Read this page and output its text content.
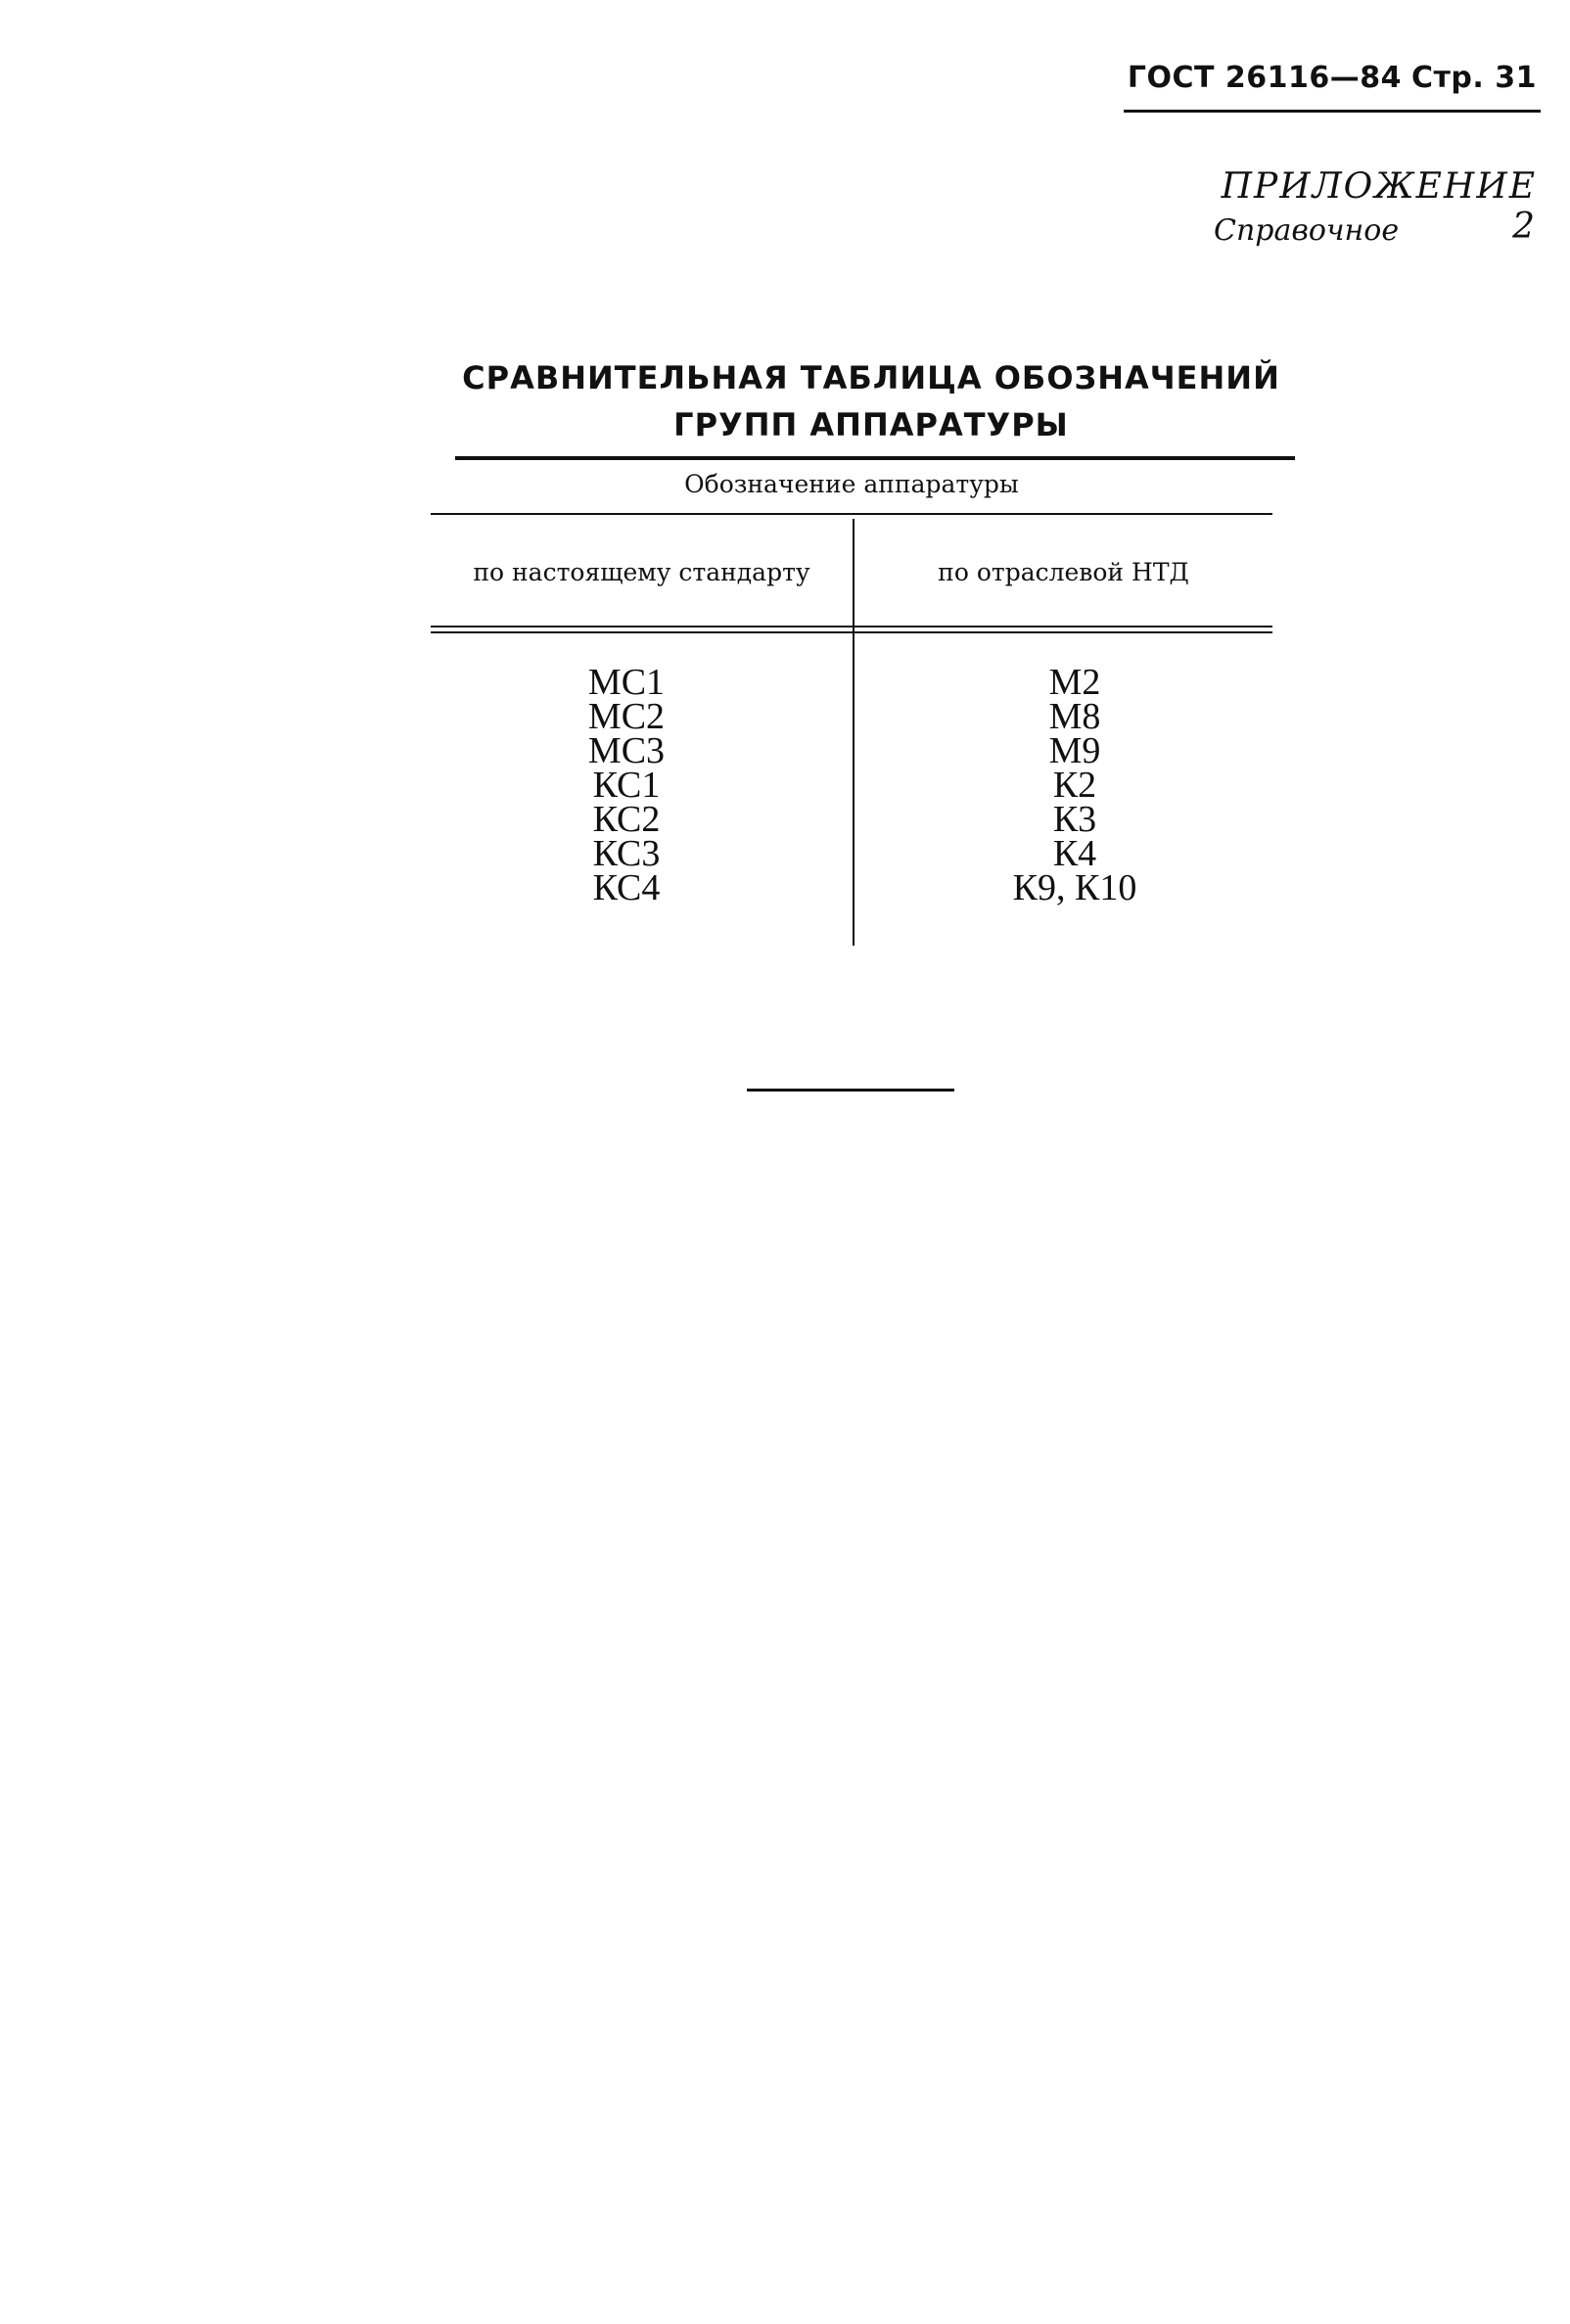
ГОСТ 26116—84 Стр. 31
ПРИЛОЖЕНИЕ 2
Справочное
СРАВНИТЕЛЬНАЯ ТАБЛИЦА ОБОЗНАЧЕНИЙ
ГРУПП АППАРАТУРЫ
Обозначение аппаратуры
по настоящему стандарту	по отраслевой НТД
МС1
МС2
МС3
КС1
КС2
КС3
КС4
М2
М8
М9
К2
К3
К4
К9, К10
